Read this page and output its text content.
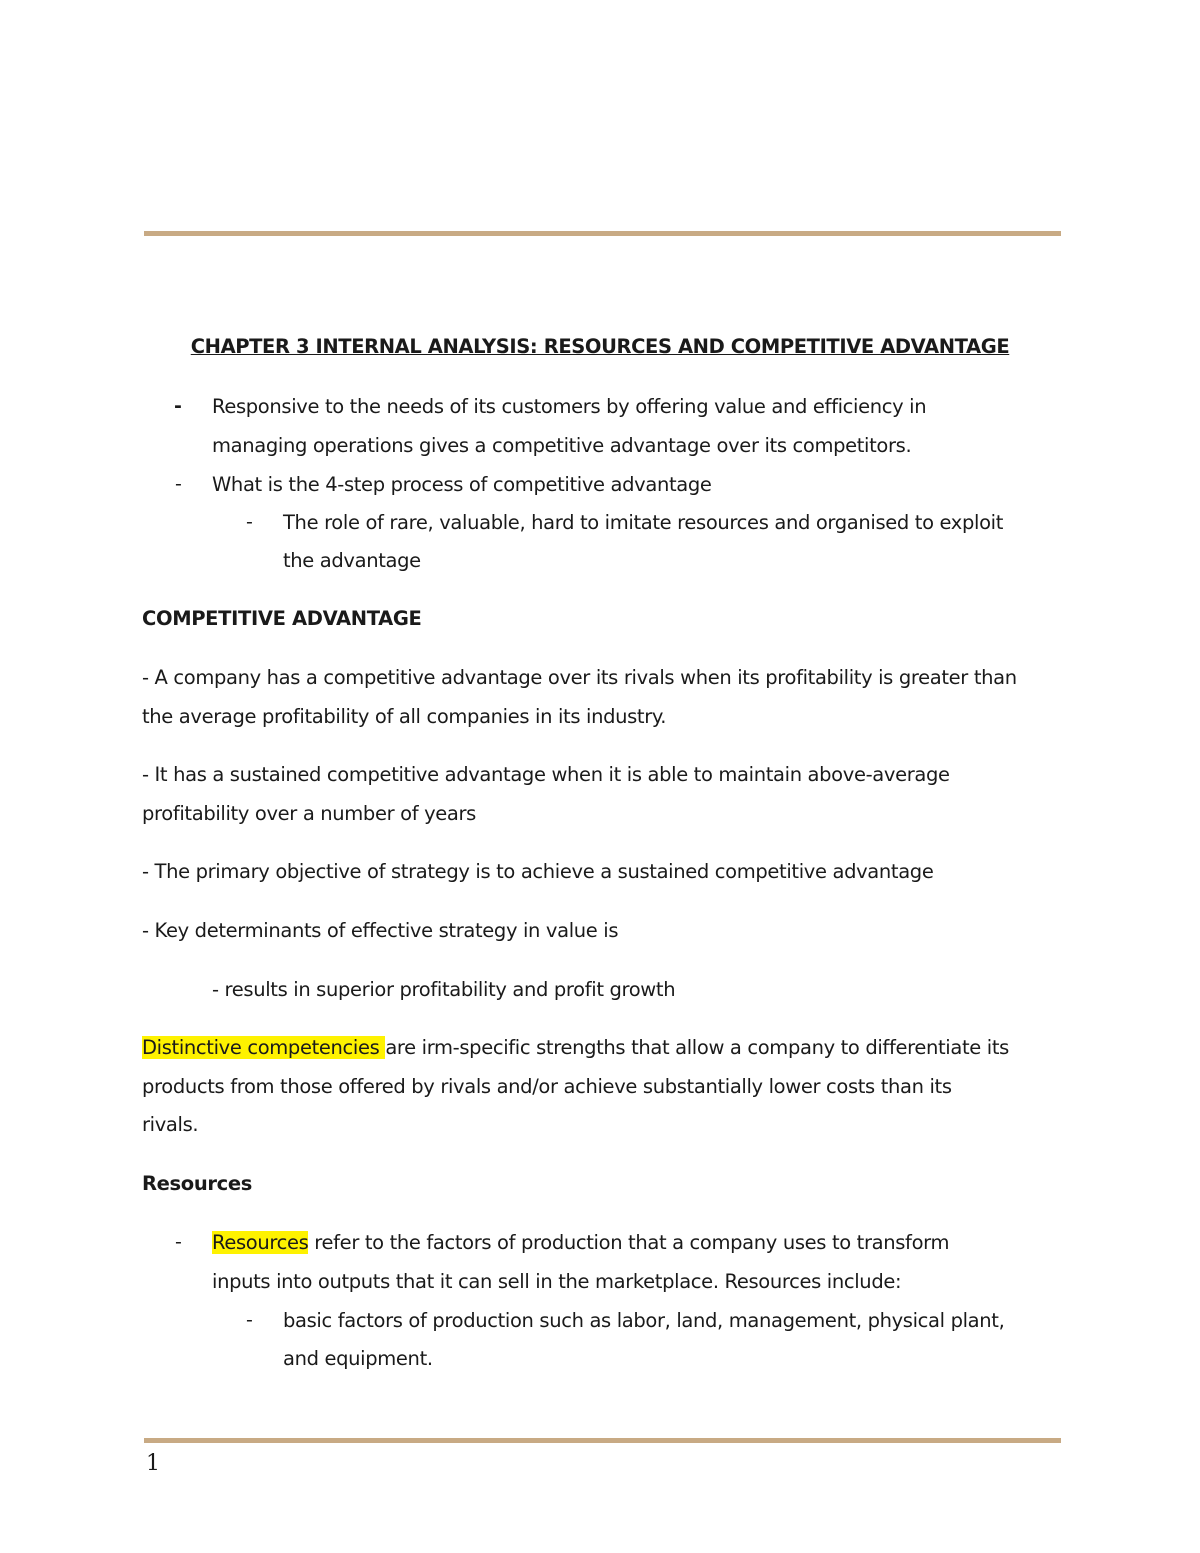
CHAPTER 3 INTERNAL ANALYSIS: RESOURCES AND COMPETITIVE ADVANTAGE

- Responsive to the needs of its customers by offering value and efficiency in

managing operations gives a competitive advantage over its competitors.

- What is the 4-step process of competitive advantage

- The role of rare, valuable, hard to imitate resources and organised to exploit

the advantage

COMPETITIVE ADVANTAGE

- A company has a competitive advantage over its rivals when its profitability is greater than

the average profitability of all companies in its industry.

- It has a sustained competitive advantage when it is able to maintain above-average

profitability over a number of years

- The primary objective of strategy is to achieve a sustained competitive advantage

- Key determinants of effective strategy in value is

- results in superior profitability and profit growth

Distinctive competencies are irm-specific strengths that allow a company to differentiate its

products from those offered by rivals and/or achieve substantially lower costs than its

rivals.

Resources

- Resources refer to the factors of production that a company uses to transform

inputs into outputs that it can sell in the marketplace. Resources include:

- basic factors of production such as labor, land, management, physical plant,

and equipment.

1
